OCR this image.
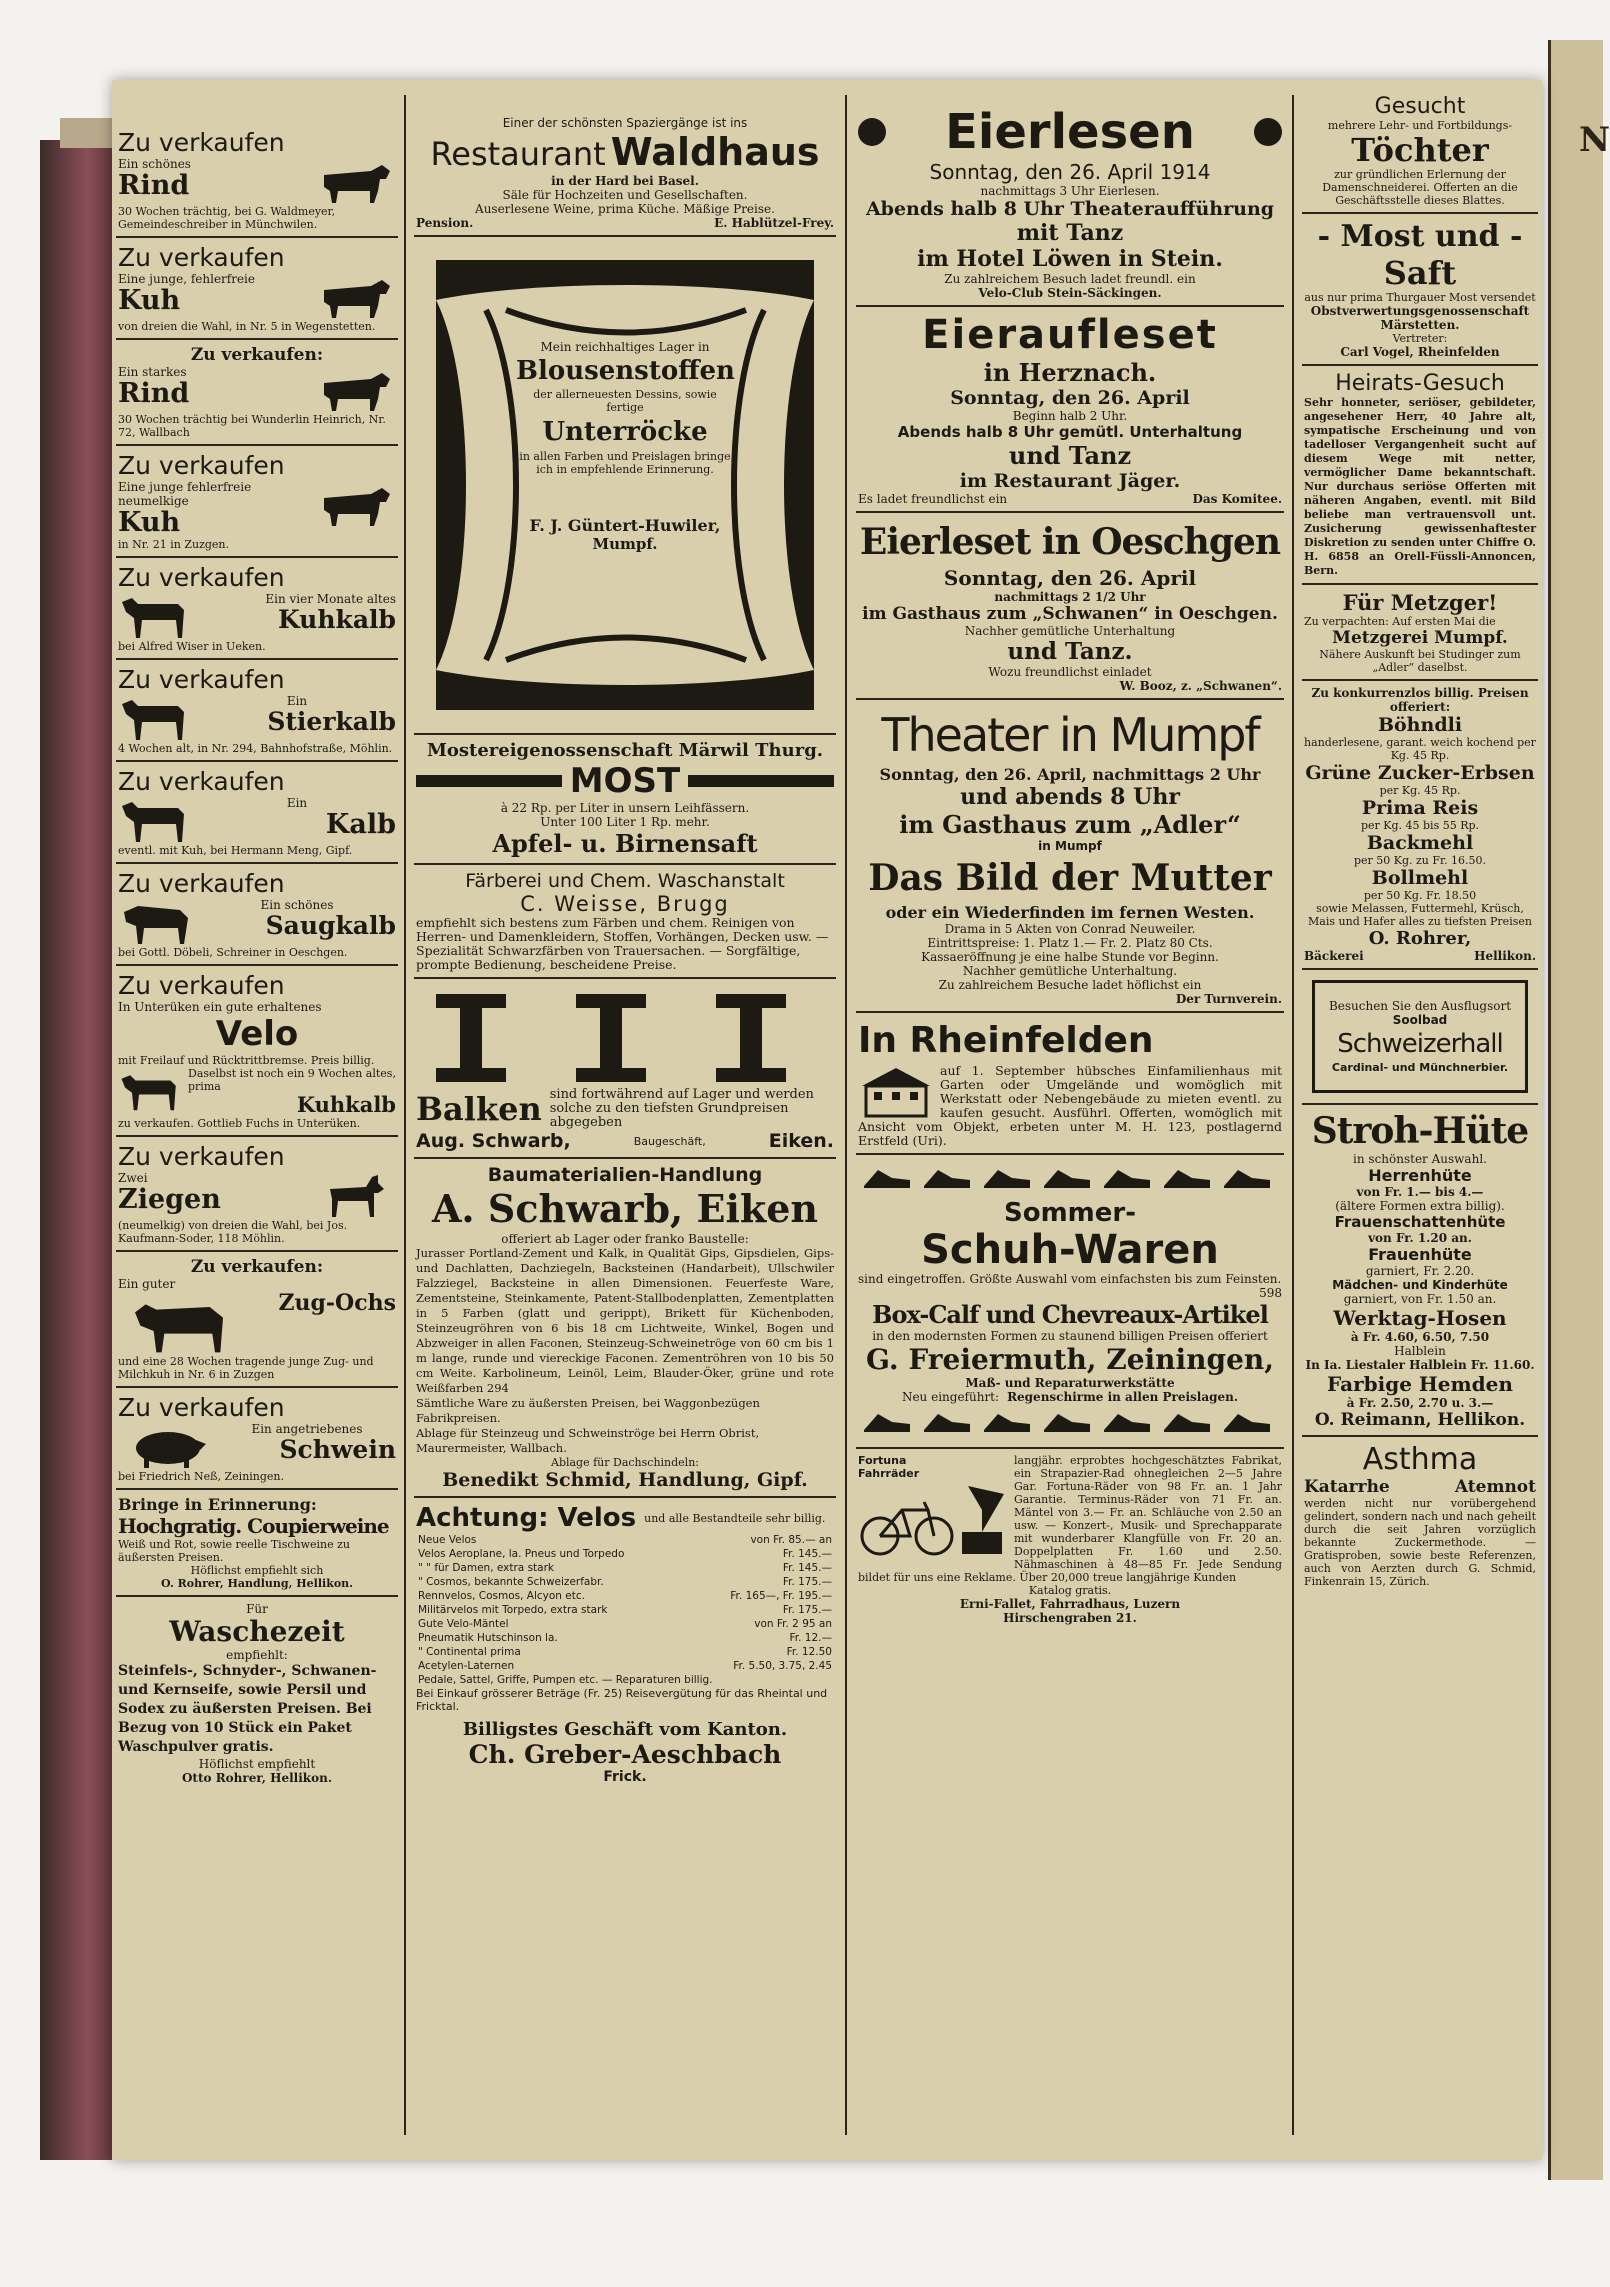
N
Zu verkaufen
Ein schönes
Rind
30 Wochen trächtig, bei G. Waldmeyer, Gemeindeschreiber in Münchwilen.
Zu verkaufen
Eine junge, fehlerfreie
Kuh
von dreien die Wahl, in Nr. 5 in Wegenstetten.
Zu verkaufen:
Ein starkes
Rind
30 Wochen trächtig bei Wunderlin Heinrich, Nr. 72, Wallbach
Zu verkaufen
Eine junge fehlerfreie neumelkige
Kuh
in Nr. 21 in Zuzgen.
Zu verkaufen
Ein vier Monate altes
Kuhkalb
bei Alfred Wiser in Ueken.
Zu verkaufen
Ein
Stierkalb
4 Wochen alt, in Nr. 294, Bahnhofstraße, Möhlin.
Zu verkaufen
Ein
Kalb
eventl. mit Kuh, bei Hermann Meng, Gipf.
Zu verkaufen
Ein schönes
Saugkalb
bei Gottl. Döbeli, Schreiner in Oeschgen.
Zu verkaufen
In Unterüken ein gute erhaltenes
Velo
mit Freilauf und Rücktrittbremse. Preis billig.
Daselbst ist noch ein 9 Wochen altes, prima
Kuhkalb
zu verkaufen. Gottlieb Fuchs in Unterüken.
Zu verkaufen
Zwei
Ziegen
(neumelkig) von dreien die Wahl, bei Jos. Kaufmann-Soder, 118 Möhlin.
Zu verkaufen:
Ein guter
Zug-Ochs
und eine 28 Wochen tragende junge Zug- und Milchkuh in Nr. 6 in Zuzgen
Zu verkaufen
Ein angetriebenes
Schwein
bei Friedrich Neß, Zeiningen.
Bringe in Erinnerung:
Hochgratig. Coupierweine
Weiß und Rot, sowie reelle Tischweine zu äußersten Preisen.
Höflichst empfiehlt sich
O. Rohrer, Handlung, Hellikon.
Für
Waschezeit
empfiehlt:
Steinfels-, Schnyder-, Schwanen- und Kernseife, sowie Persil und Sodex zu äußersten Preisen. Bei Bezug von 10 Stück ein Paket Waschpulver gratis.
Höflichst empfiehlt
Otto Rohrer, Hellikon.
Einer der schönsten Spaziergänge ist ins
Restaurant Waldhaus
in der Hard bei Basel.
Säle für Hochzeiten und Gesellschaften.
Auserlesene Weine, prima Küche. Mäßige Preise.
Pension.	E. Hablützel-Frey.
Mein reichhaltiges Lager in
Blousenstoffen
der allerneuesten Dessins, sowie fertige
Unterröcke
in allen Farben und Preislagen bringe ich in empfehlende Erinnerung.
F. J. Güntert-Huwiler,
Mumpf.
Mostereigenossenschaft Märwil Thurg.
MOST
à 22 Rp. per Liter in unsern Leihfässern.
Unter 100 Liter 1 Rp. mehr.
Apfel- u. Birnensaft
Färberei und Chem. Waschanstalt
C. Weisse, Brugg
empfiehlt sich bestens zum Färben und chem. Reinigen von Herren- und Damenkleidern, Stoffen, Vorhängen, Decken usw. — Spezialität Schwarzfärben von Trauersachen. — Sorgfältige, prompte Bedienung, bescheidene Preise.
Balken sind fortwährend auf Lager und werden solche zu den tiefsten Grundpreisen abgegeben
Aug. Schwarb,	Baugeschäft,	Eiken.
Baumaterialien-Handlung
A. Schwarb, Eiken
offeriert ab Lager oder franko Baustelle:
Jurasser Portland-Zement und Kalk, in Qualität Gips, Gipsdielen, Gips- und Dachlatten, Dachziegeln, Backsteinen (Handarbeit), Ullschwiler Falzziegel, Backsteine in allen Dimensionen. Feuerfeste Ware, Zementsteine, Steinkamente, Patent-Stallbodenplatten, Zementplatten in 5 Farben (glatt und gerippt), Brikett für Küchenboden, Steinzeugröhren von 6 bis 18 cm Lichtweite, Winkel, Bogen und Abzweiger in allen Faconen, Steinzeug-Schweinetröge von 60 cm bis 1 m lange, runde und viereckige Faconen. Zementröhren von 10 bis 50 cm Weite. Karbolineum, Leinöl, Leim, Blauder-Öker, grüne und rote Weißfarben 294
Sämtliche Ware zu äußersten Preisen, bei Waggonbezügen Fabrikpreisen.
Ablage für Steinzeug und Schweinströge bei Herrn Obrist, Maurermeister, Wallbach.
Ablage für Dachschindeln:
Benedikt Schmid, Handlung, Gipf.
Achtung: Velos und alle Bestandteile sehr billig.
Neue Velos	von Fr. 85.— an
Velos Aeroplane, la. Pneus und Torpedo	Fr. 145.—
" " für Damen, extra stark	Fr. 145.—
" Cosmos, bekannte Schweizerfabr.	Fr. 175.—
Rennvelos, Cosmos, Alcyon etc.	Fr. 165—, Fr. 195.—
Militärvelos mit Torpedo, extra stark	Fr. 175.—
Gute Velo-Mäntel	von Fr. 2 95 an
Pneumatik Hutschinson la.	Fr. 12.—
" Continental prima	Fr. 12.50
Acetylen-Laternen	Fr. 5.50, 3.75, 2.45
Pedale, Sattel, Griffe, Pumpen etc. — Reparaturen billig.	
Bei Einkauf grösserer Beträge (Fr. 25) Reisevergütung für das Rheintal und Fricktal.
Billigstes Geschäft vom Kanton.
Ch. Greber-Aeschbach
Frick.
Eierlesen
Sonntag, den 26. April 1914
nachmittags 3 Uhr Eierlesen.
Abends halb 8 Uhr Theateraufführung
mit Tanz
im Hotel Löwen in Stein.
Zu zahlreichem Besuch ladet freundl. ein
Velo-Club Stein-Säckingen.
Eieraufleset
in Herznach.
Sonntag, den 26. April
Beginn halb 2 Uhr.
Abends halb 8 Uhr gemütl. Unterhaltung
und Tanz
im Restaurant Jäger.
Es ladet freundlichst ein	Das Komitee.
Eierleset in Oeschgen
Sonntag, den 26. April
nachmittags 2 1/2 Uhr
im Gasthaus zum „Schwanen“ in Oeschgen.
Nachher gemütliche Unterhaltung
und Tanz.
Wozu freundlichst einladet
W. Booz, z. „Schwanen“.
Theater in Mumpf
Sonntag, den 26. April, nachmittags 2 Uhr
und abends 8 Uhr
im Gasthaus zum „Adler“
in Mumpf
Das Bild der Mutter
oder ein Wiederfinden im fernen Westen.
Drama in 5 Akten von Conrad Neuweiler.
Eintrittspreise: 1. Platz 1.— Fr. 2. Platz 80 Cts.
Kassaeröffnung je eine halbe Stunde vor Beginn.
Nachher gemütliche Unterhaltung.
Zu zahlreichem Besuche ladet höflichst ein
Der Turnverein.
In Rheinfelden
auf 1. September hübsches Einfamilienhaus mit Garten oder Umgelände und womöglich mit Werkstatt oder Nebengebäude zu mieten eventl. zu kaufen gesucht. Ausführl. Offerten, womöglich mit Ansicht vom Objekt, erbeten unter M. H. 123, postlagernd Erstfeld (Uri).
Sommer-
Schuh-Waren
sind eingetroffen. Größte Auswahl vom einfachsten bis zum Feinsten.
598
Box-Calf und Chevreaux-Artikel
in den modernsten Formen zu staunend billigen Preisen offeriert
G. Freiermuth, Zeiningen,
Maß- und Reparaturwerkstätte
Neu eingeführt: Regenschirme in allen Preislagen.
Fortuna
Fahrräder
langjähr. erprobtes hochgeschätztes Fabrikat, ein Strapazier-Rad ohnegleichen 2—5 Jahre Gar. Fortuna-Räder von 98 Fr. an. 1 Jahr Garantie. Terminus-Räder von 71 Fr. an. Mäntel von 3.— Fr. an. Schläuche von 2.50 an usw. — Konzert-, Musik- und Sprechapparate mit wunderbarer Klangfülle von Fr. 20 an. Doppelplatten Fr. 1.60 und 2.50. Nähmaschinen à 48—85 Fr. Jede Sendung bildet für uns eine Reklame. Über 20,000 treue langjährige Kunden
Katalog gratis.
Erni-Fallet, Fahrradhaus, Luzern
Hirschengraben 21.
Gesucht
mehrere Lehr- und Fortbildungs-
Töchter
zur gründlichen Erlernung der Damenschneiderei. Offerten an die Geschäftsstelle dieses Blattes.
- Most und -
Saft
aus nur prima Thurgauer Most versendet
Obstverwertungsgenossenschaft
Märstetten.
Vertreter:
Carl Vogel, Rheinfelden
Heirats-Gesuch
Sehr honneter, seriöser, gebildeter, angesehener Herr, 40 Jahre alt, sympatische Erscheinung und von tadelloser Vergangenheit sucht auf diesem Wege mit netter, vermöglicher Dame bekanntschaft. Nur durchaus seriöse Offerten mit näheren Angaben, eventl. mit Bild beliebe man vertrauensvoll unt. Zusicherung gewissenhaftester Diskretion zu senden unter Chiffre O. H. 6858 an Orell-Füssli-Annoncen, Bern.
Für Metzger!
Zu verpachten: Auf ersten Mai die
Metzgerei Mumpf.
Nähere Auskunft bei Studinger zum „Adler“ daselbst.
Zu konkurrenzlos billig. Preisen offeriert:
Böhndli
handerlesene, garant. weich kochend per Kg. 45 Rp.
Grüne Zucker-Erbsen
per Kg. 45 Rp.
Prima Reis
per Kg. 45 bis 55 Rp.
Backmehl
per 50 Kg. zu Fr. 16.50.
Bollmehl
per 50 Kg. Fr. 18.50
sowie Melassen, Futtermehl, Krüsch, Mais und Hafer alles zu tiefsten Preisen
O. Rohrer,
Bäckerei	Hellikon.
Besuchen Sie den Ausflugsort
Soolbad
Schweizerhall
Cardinal- und Münchnerbier.
Stroh-Hüte
in schönster Auswahl.
Herrenhüte
von Fr. 1.— bis 4.—
(ältere Formen extra billig).
Frauenschattenhüte
von Fr. 1.20 an.
Frauenhüte
garniert, Fr. 2.20.
Mädchen- und Kinderhüte
garniert, von Fr. 1.50 an.
Werktag-Hosen
à Fr. 4.60, 6.50, 7.50
Halblein
In Ia. Liestaler Halblein Fr. 11.60.
Farbige Hemden
à Fr. 2.50, 2.70 u. 3.—
O. Reimann, Hellikon.
Asthma
Katarrhe	Atemnot
werden nicht nur vorübergehend gelindert, sondern nach und nach geheilt durch die seit Jahren vorzüglich bekannte Zuckermethode. — Gratisproben, sowie beste Referenzen, auch von Aerzten durch G. Schmid, Finkenrain 15, Zürich.
